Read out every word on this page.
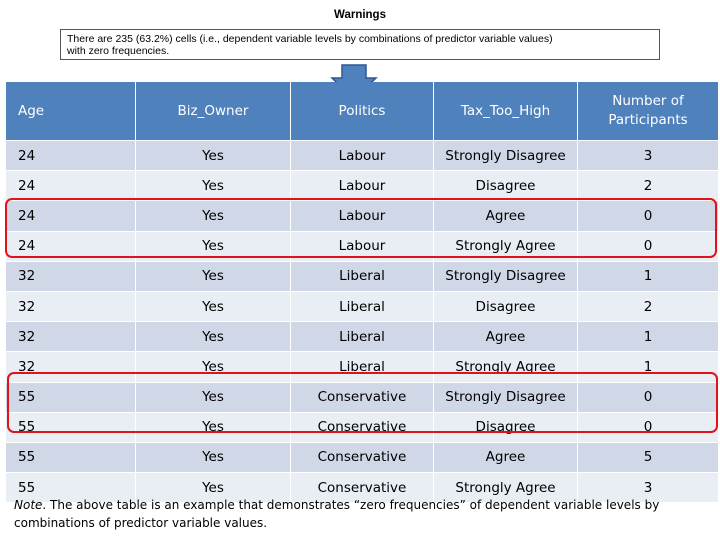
Warnings
There are 235 (63.2%) cells (i.e., dependent variable levels by combinations of predictor variable values)
with zero frequencies.
Age	Biz_Owner	Politics	Tax_Too_High	Number of Participants
24	Yes	Labour	Strongly Disagree	3
24	Yes	Labour	Disagree	2
24	Yes	Labour	Agree	0
24	Yes	Labour	Strongly Agree	0
32	Yes	Liberal	Strongly Disagree	1
32	Yes	Liberal	Disagree	2
32	Yes	Liberal	Agree	1
32	Yes	Liberal	Strongly Agree	1
55	Yes	Conservative	Strongly Disagree	0
55	Yes	Conservative	Disagree	0
55	Yes	Conservative	Agree	5
55	Yes	Conservative	Strongly Agree	3
Note. The above table is an example that demonstrates “zero frequencies” of dependent variable levels by combinations of predictor variable values.
